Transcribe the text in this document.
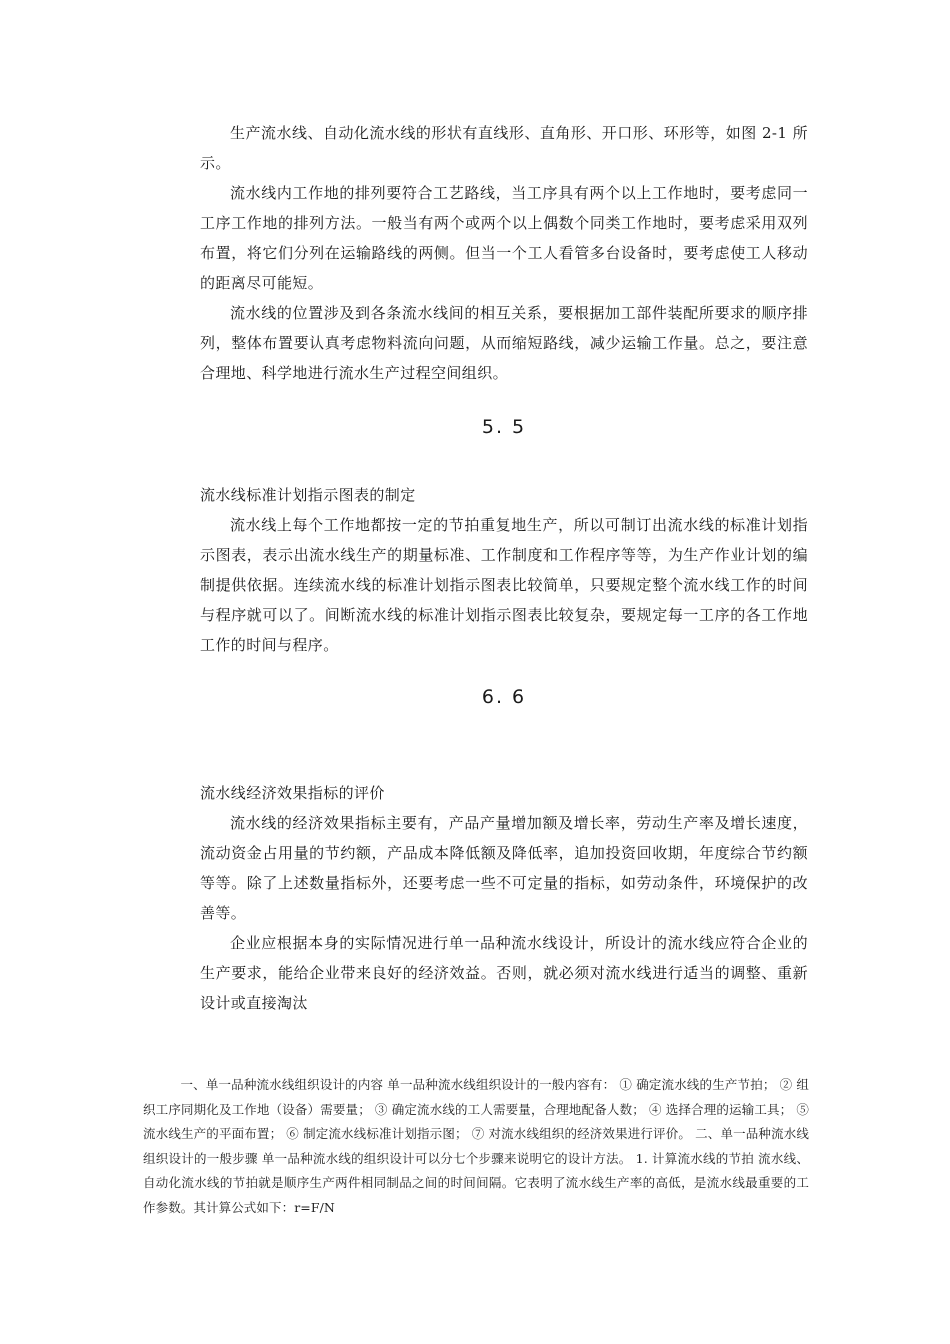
生产流水线、自动化流水线的形状有直线形、直角形、开口形、环形等，如图 2-1 所示。

流水线内工作地的排列要符合工艺路线，当工序具有两个以上工作地时，要考虑同一工序工作地的排列方法。一般当有两个或两个以上偶数个同类工作地时，要考虑采用双列布置，将它们分列在运输路线的两侧。但当一个工人看管多台设备时，要考虑使工人移动的距离尽可能短。

流水线的位置涉及到各条流水线间的相互关系，要根据加工部件装配所要求的顺序排列，整体布置要认真考虑物料流向问题，从而缩短路线，减少运输工作量。总之，要注意合理地、科学地进行流水生产过程空间组织。

5. 5

流水线标准计划指示图表的制定

流水线上每个工作地都按一定的节拍重复地生产，所以可制订出流水线的标准计划指示图表，表示出流水线生产的期量标准、工作制度和工作程序等等，为生产作业计划的编制提供依据。连续流水线的标准计划指示图表比较简单，只要规定整个流水线工作的时间与程序就可以了。间断流水线的标准计划指示图表比较复杂，要规定每一工序的各工作地工作的时间与程序。

6. 6

流水线经济效果指标的评价

流水线的经济效果指标主要有，产品产量增加额及增长率，劳动生产率及增长速度，流动资金占用量的节约额，产品成本降低额及降低率，追加投资回收期，年度综合节约额等等。除了上述数量指标外，还要考虑一些不可定量的指标，如劳动条件，环境保护的改善等。

企业应根据本身的实际情况进行单一品种流水线设计，所设计的流水线应符合企业的生产要求，能给企业带来良好的经济效益。否则，就必须对流水线进行适当的调整、重新设计或直接淘汰

一、单一品种流水线组织设计的内容 单一品种流水线组织设计的一般内容有： ① 确定流水线的生产节拍； ② 组织工序同期化及工作地（设备）需要量； ③ 确定流水线的工人需要量，合理地配备人数； ④ 选择合理的运输工具； ⑤ 流水线生产的平面布置； ⑥ 制定流水线标准计划指示图； ⑦ 对流水线组织的经济效果进行评价。 二、单一品种流水线组织设计的一般步骤 单一品种流水线的组织设计可以分七个步骤来说明它的设计方法。 1. 计算流水线的节拍 流水线、自动化流水线的节拍就是顺序生产两件相同制品之间的时间间隔。它表明了流水线生产率的高低，是流水线最重要的工作参数。其计算公式如下：r=F/N
